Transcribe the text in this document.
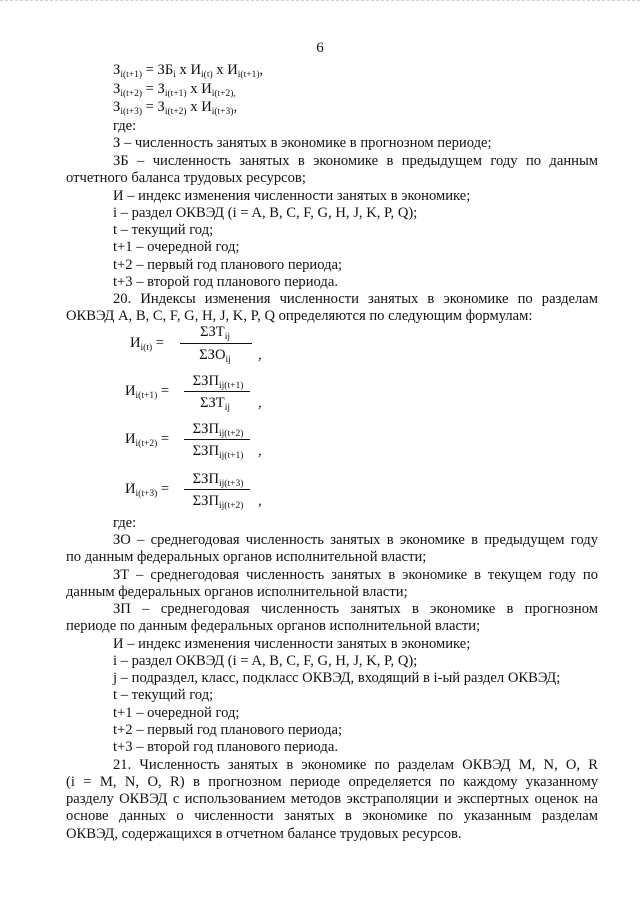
6
$З_{i(t+1)} = ЗБ_i$ х $И_{i(t)}$ х $И_{i(t+1)}$,
$З_{i(t+2)} = З_{i(t+1)}$ х $И_{i(t+2),}$
$З_{i(t+3)} = З_{i(t+2)}$ х $И_{i(t+3)}$,
где:
З – численность занятых в экономике в прогнозном периоде;
ЗБ – численность занятых в экономике в предыдущем году по данным
отчетного баланса трудовых ресурсов;
И – индекс изменения численности занятых в экономике;
i – раздел ОКВЭД (i = A, B, C, F, G, H, J, K, P, Q);
t – текущий год;
t+1 – очередной год;
t+2 – первый год планового периода;
t+3 – второй год планового периода.
20. Индексы изменения численности занятых в экономике по разделам
ОКВЭД A, B, C, F, G, H, J, K, P, Q определяются по следующим формулам:
$И_{i(t)}$ =
$\Sigma ЗТ_{ij}$
$\Sigma ЗО_{ij}$	,
$И_{i(t+1)}$ =
$\Sigma ЗП_{ij(t+1)}$
$\Sigma ЗТ_{ij}$	,
$И_{i(t+2)}$ =
$\Sigma ЗП_{ij(t+2)}$
$\Sigma ЗП_{ij(t+1)}$	,
$И_{i(t+3)}$ =
$\Sigma ЗП_{ij(t+3)}$
$\Sigma ЗП_{ij(t+2)}$	,
где:
ЗО – среднегодовая численность занятых в экономике в предыдущем году
по данным федеральных органов исполнительной власти;
ЗТ – среднегодовая численность занятых в экономике в текущем году по
данным федеральных органов исполнительной власти;
ЗП – среднегодовая численность занятых в экономике в прогнозном
периоде по данным федеральных органов исполнительной власти;
И – индекс изменения численности занятых в экономике;
i – раздел ОКВЭД (i = A, B, C, F, G, H, J, K, P, Q);
j – подраздел, класс, подкласс ОКВЭД, входящий в i-ый раздел ОКВЭД;
t – текущий год;
t+1 – очередной год;
t+2 – первый год планового периода;
t+3 – второй год планового периода.
21. Численность занятых в экономике по разделам ОКВЭД M, N, O, R
(i = M, N, O, R) в прогнозном периоде определяется по каждому указанному
разделу ОКВЭД с использованием методов экстраполяции и экспертных оценок на
основе данных о численности занятых в экономике по указанным разделам
ОКВЭД, содержащихся в отчетном балансе трудовых ресурсов.
